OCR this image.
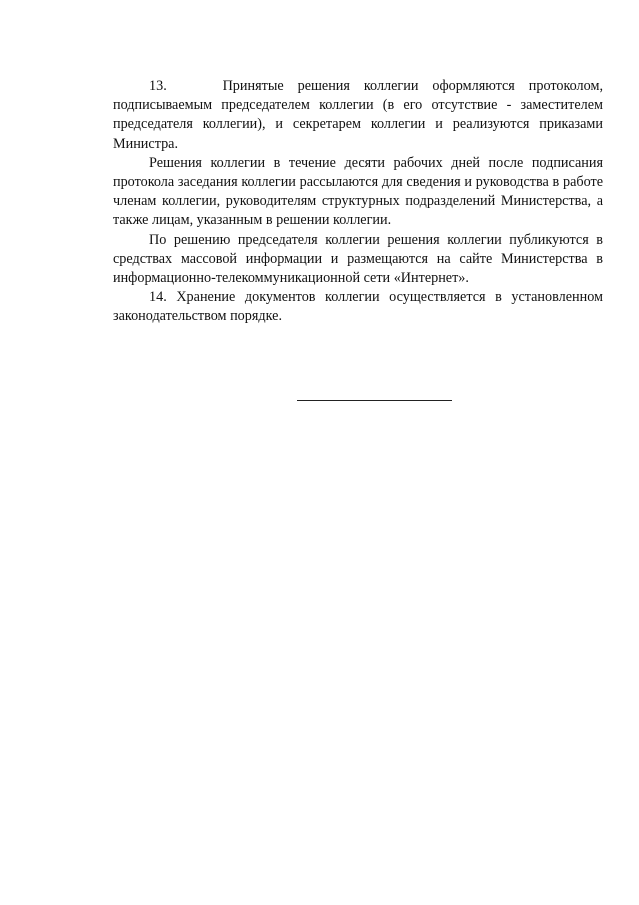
13.    Принятые решения коллегии оформляются протоколом, подписываемым председателем коллегии (в его отсутствие - заместителем председателя коллегии), и секретарем коллегии и реализуются приказами Министра.

Решения коллегии в течение десяти рабочих дней после подписания протокола заседания коллегии рассылаются для сведения и руководства в работе членам коллегии, руководителям структурных подразделений Министерства, а также лицам, указанным в решении коллегии.

По решению председателя коллегии решения коллегии публикуются в средствах массовой информации и размещаются на сайте Министерства в информационно-телекоммуникационной сети «Интернет».

14. Хранение документов коллегии осуществляется в установленном законодательством порядке.
